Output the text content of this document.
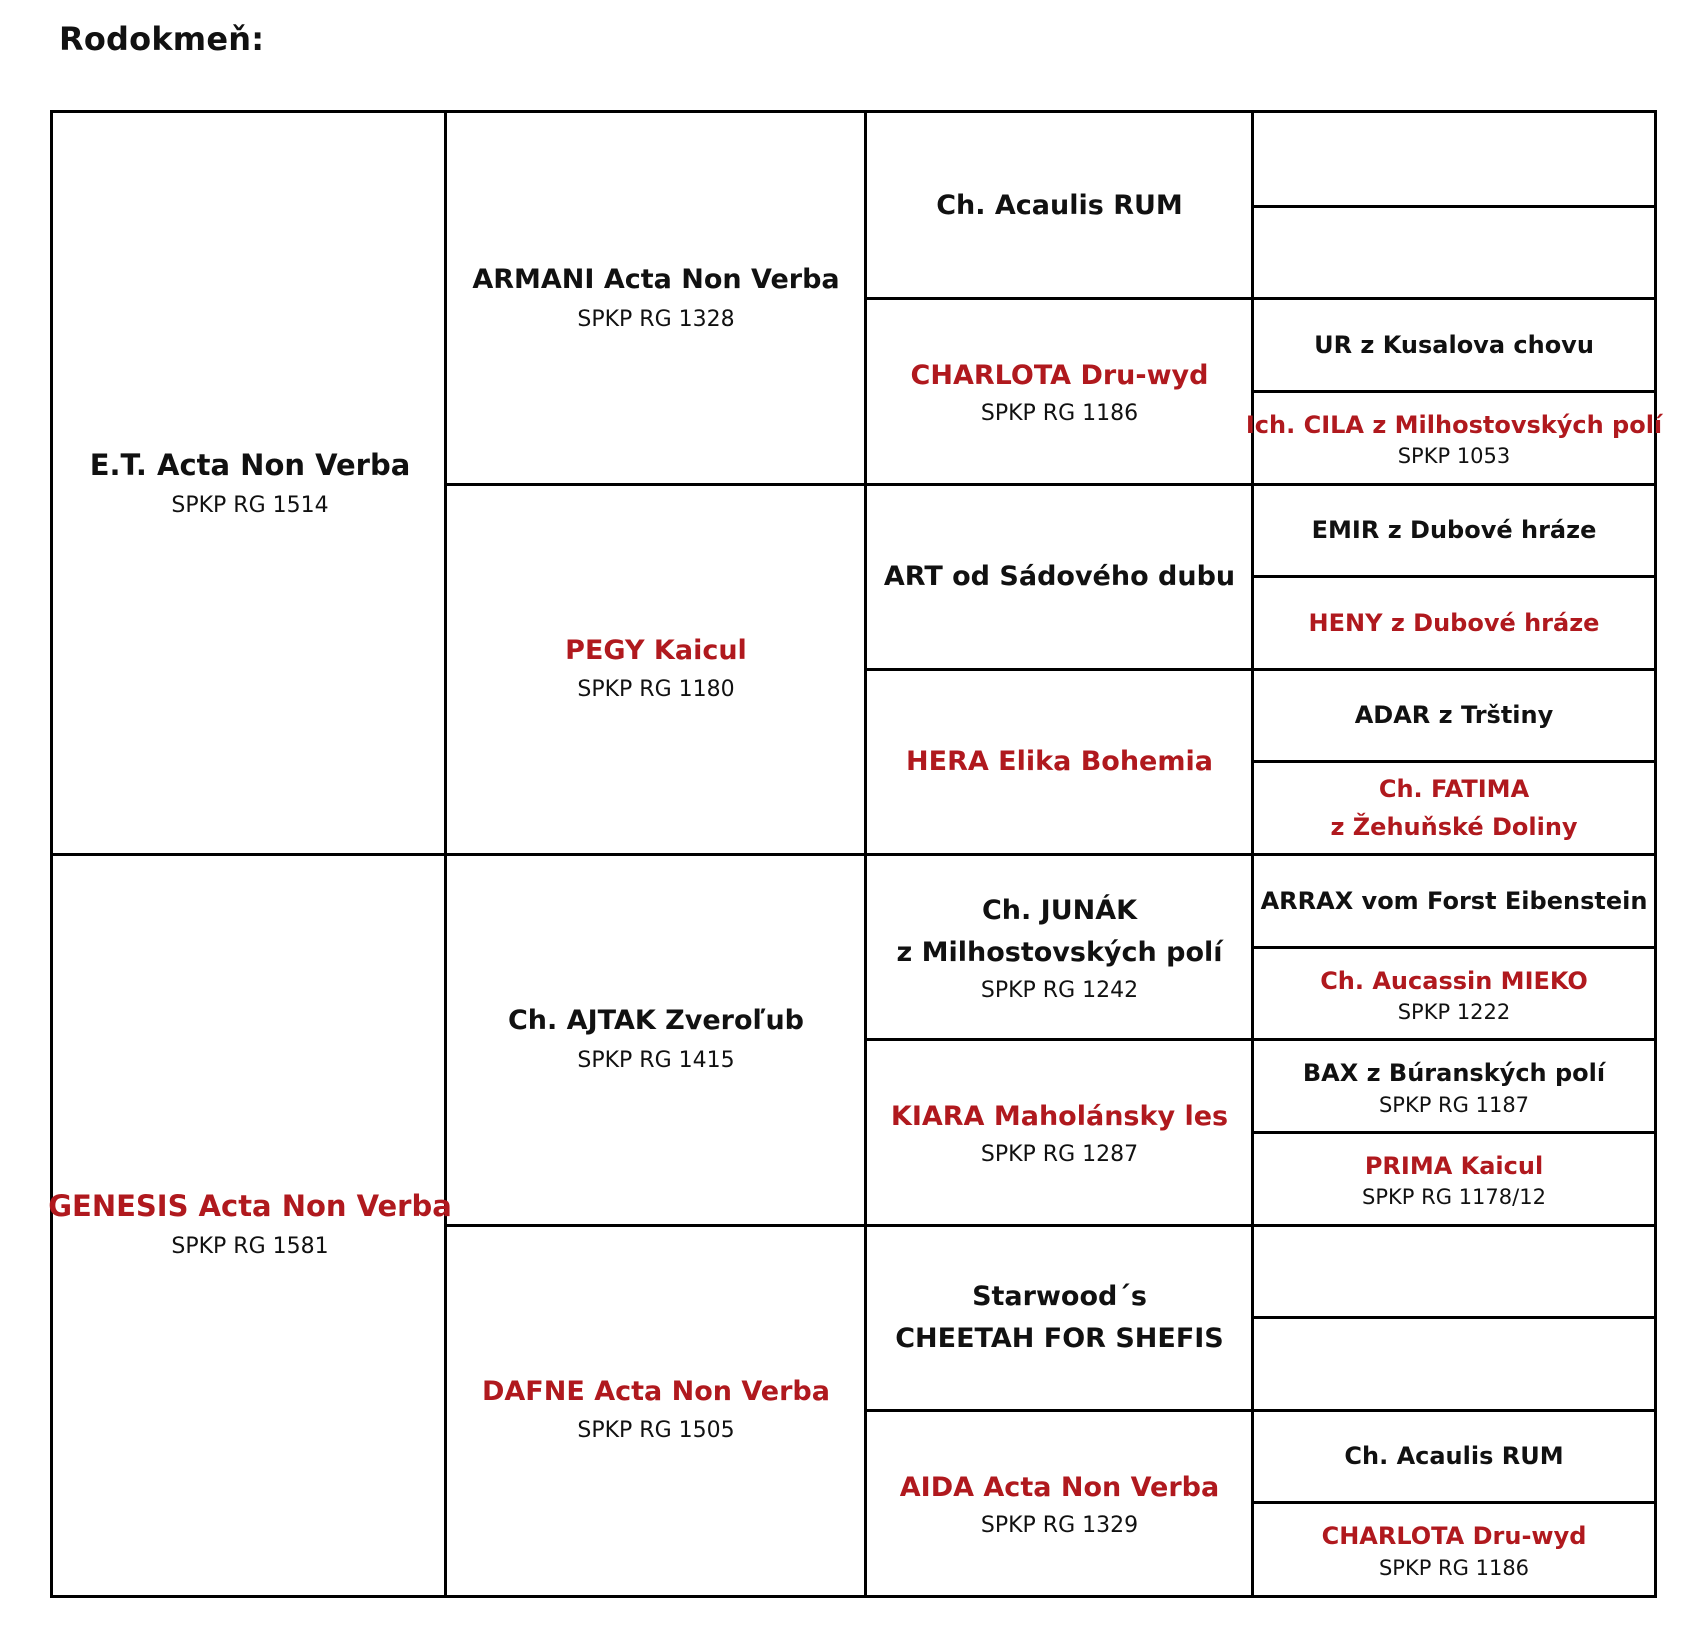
Rodokmeň:
E.T. Acta Non Verba
SPKP RG 1514
GENESIS Acta Non Verba
SPKP RG 1581
ARMANI Acta Non Verba
SPKP RG 1328
PEGY Kaicul
SPKP RG 1180
Ch. AJTAK Zveroľub
SPKP RG 1415
DAFNE Acta Non Verba
SPKP RG 1505
Ch. Acaulis RUM
CHARLOTA Dru-wyd
SPKP RG 1186
ART od Sádového dubu
HERA Elika Bohemia
Ch. JUNÁK
z Milhostovských polí
SPKP RG 1242
KIARA Maholánsky les
SPKP RG 1287
Starwood´s
CHEETAH FOR SHEFIS
AIDA Acta Non Verba
SPKP RG 1329
UR z Kusalova chovu
Ich. CILA z Milhostovských polí
SPKP 1053
EMIR z Dubové hráze
HENY z Dubové hráze
ADAR z Trštiny
Ch. FATIMA
z Žehuňské Doliny
ARRAX vom Forst Eibenstein
Ch. Aucassin MIEKO
SPKP 1222
BAX z Búranských polí
SPKP RG 1187
PRIMA Kaicul
SPKP RG 1178/12
Ch. Acaulis RUM
CHARLOTA Dru-wyd
SPKP RG 1186
